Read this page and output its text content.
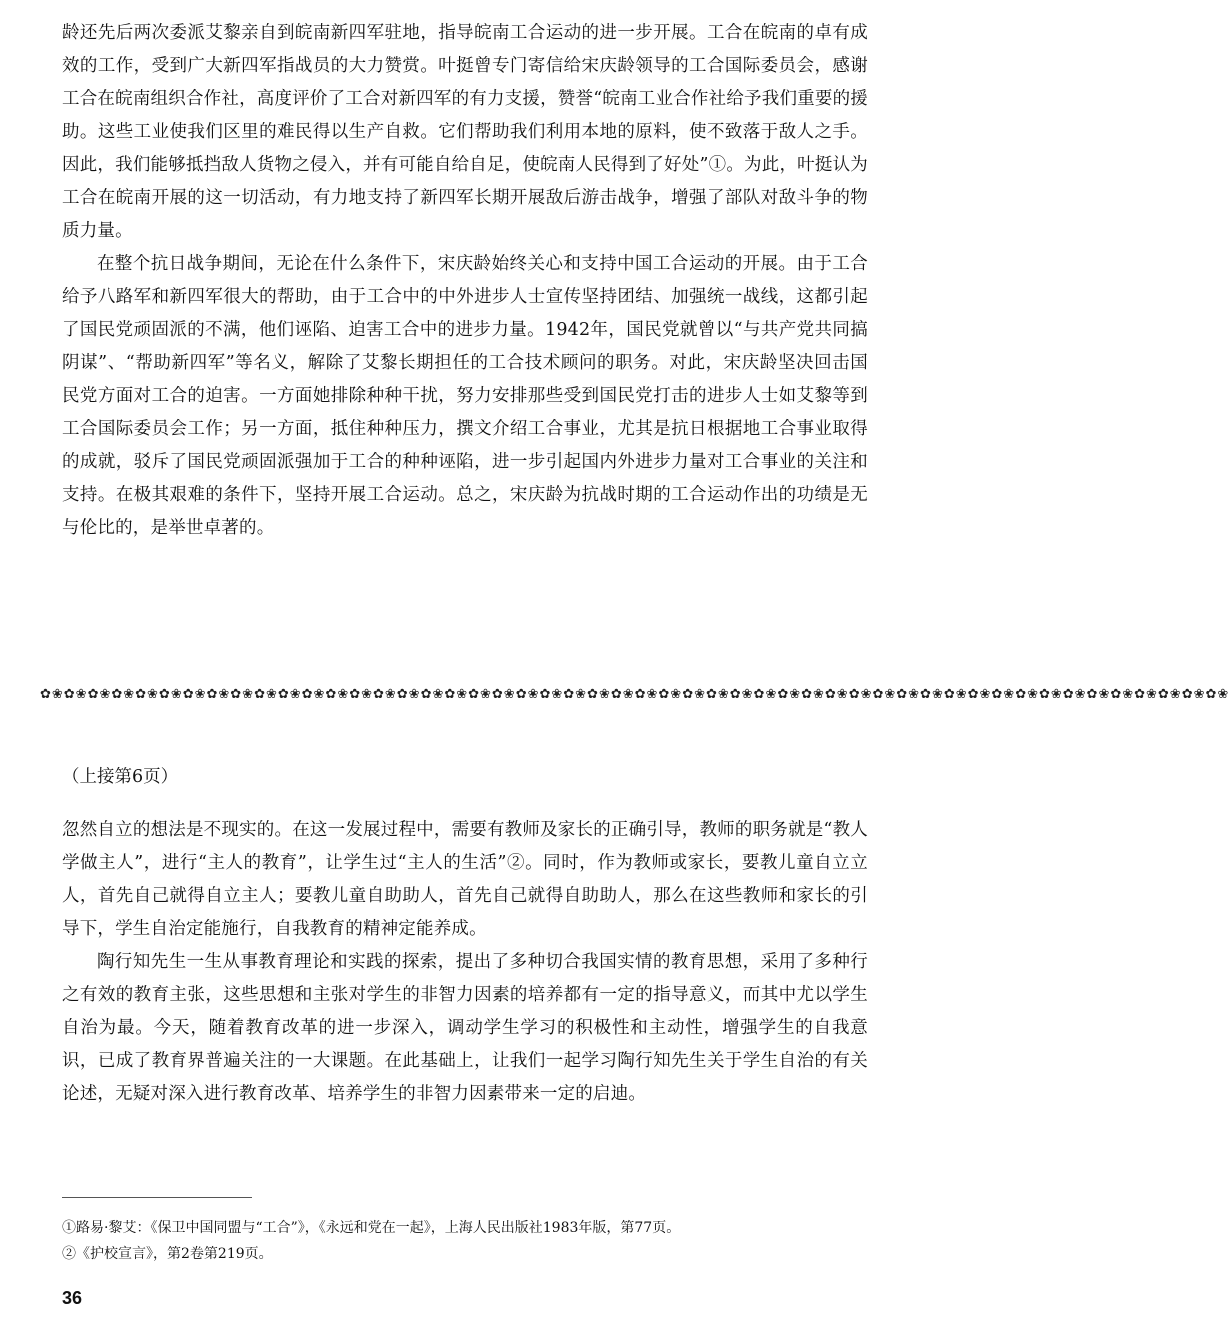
龄还先后两次委派艾黎亲自到皖南新四军驻地，指导皖南工合运动的进一步开展。工合在皖南的卓有成效的工作，受到广大新四军指战员的大力赞赏。叶挺曾专门寄信给宋庆龄领导的工合国际委员会，感谢工合在皖南组织合作社，高度评价了工合对新四军的有力支援，赞誉“皖南工业合作社给予我们重要的援助。这些工业使我们区里的难民得以生产自救。它们帮助我们利用本地的原料，使不致落于敌人之手。因此，我们能够抵挡敌人货物之侵入，并有可能自给自足，使皖南人民得到了好处”①。为此，叶挺认为工合在皖南开展的这一切活动，有力地支持了新四军长期开展敌后游击战争，增强了部队对敌斗争的物质力量。

在整个抗日战争期间，无论在什么条件下，宋庆龄始终关心和支持中国工合运动的开展。由于工合给予八路军和新四军很大的帮助，由于工合中的中外进步人士宣传坚持团结、加强统一战线，这都引起了国民党顽固派的不满，他们诬陷、迫害工合中的进步力量。1942年，国民党就曾以“与共产党共同搞阴谋”、“帮助新四军”等名义，解除了艾黎长期担任的工合技术顾问的职务。对此，宋庆龄坚决回击国民党方面对工合的迫害。一方面她排除种种干扰，努力安排那些受到国民党打击的进步人士如艾黎等到工合国际委员会工作；另一方面，抵住种种压力，撰文介绍工合事业，尤其是抗日根据地工合事业取得的成就，驳斥了国民党顽固派强加于工合的种种诬陷，进一步引起国内外进步力量对工合事业的关注和支持。在极其艰难的条件下，坚持开展工合运动。总之，宋庆龄为抗战时期的工合运动作出的功绩是无与伦比的，是举世卓著的。

✿❀✿❀✿❀✿❀✿❀✿❀✿❀✿❀✿❀✿❀✿❀✿❀✿❀✿❀✿❀✿❀✿❀✿❀✿❀✿❀✿❀✿❀✿❀✿❀✿❀✿❀✿❀✿❀✿❀✿❀✿❀✿❀✿❀✿❀✿❀✿❀✿❀✿❀✿❀✿❀✿❀✿❀✿❀✿❀✿❀✿❀✿❀✿❀✿❀✿❀
（上接第6页）

忽然自立的想法是不现实的。在这一发展过程中，需要有教师及家长的正确引导，教师的职务就是“教人学做主人”，进行“主人的教育”，让学生过“主人的生活”②。同时，作为教师或家长，要教儿童自立立人，首先自己就得自立主人；要教儿童自助助人，首先自己就得自助助人，那么在这些教师和家长的引导下，学生自治定能施行，自我教育的精神定能养成。

陶行知先生一生从事教育理论和实践的探索，提出了多种切合我国实情的教育思想，采用了多种行之有效的教育主张，这些思想和主张对学生的非智力因素的培养都有一定的指导意义，而其中尤以学生自治为最。今天，随着教育改革的进一步深入，调动学生学习的积极性和主动性，增强学生的自我意识，已成了教育界普遍关注的一大课题。在此基础上，让我们一起学习陶行知先生关于学生自治的有关论述，无疑对深入进行教育改革、培养学生的非智力因素带来一定的启迪。

①路易·黎艾：《保卫中国同盟与“工合”》，《永远和党在一起》，上海人民出版社1983年版，第77页。

②《护校宣言》，第2卷第219页。

36
